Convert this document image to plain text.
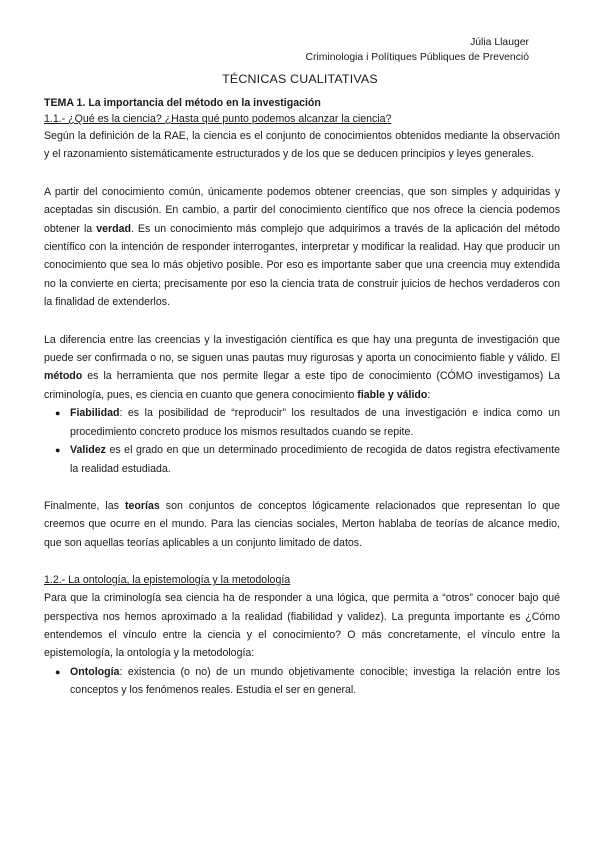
Júlia Llauger
Criminologia i Polítiques Públiques de Prevenció
TÉCNICAS CUALITATIVAS

TEMA 1. La importancia del método en la investigación

1.1.- ¿Qué es la ciencia? ¿Hasta qué punto podemos alcanzar la ciencia?

Según la definición de la RAE, la ciencia es el conjunto de conocimientos obtenidos mediante la observación y el razonamiento sistemáticamente estructurados y de los que se deducen principios y leyes generales.

A partir del conocimiento común, únicamente podemos obtener creencias, que son simples y adquiridas y aceptadas sin discusión. En cambio, a partir del conocimiento científico que nos ofrece la ciencia podemos obtener la verdad. Es un conocimiento más complejo que adquirimos a través de la aplicación del método científico con la intención de responder interrogantes, interpretar y modificar la realidad. Hay que producir un conocimiento que sea lo más objetivo posible. Por eso es importante saber que una creencia muy extendida no la convierte en cierta; precisamente por eso la ciencia trata de construir juicios de hechos verdaderos con la finalidad de extenderlos.

La diferencia entre las creencias y la investigación científica es que hay una pregunta de investigación que puede ser confirmada o no, se siguen unas pautas muy rigurosas y aporta un conocimiento fiable y válido. El método es la herramienta que nos permite llegar a este tipo de conocimiento (CÓMO investigamos) La criminología, pues, es ciencia en cuanto que genera conocimiento fiable y válido:

● Fiabilidad: es la posibilidad de “reproducir” los resultados de una investigación e indica como un procedimiento concreto produce los mismos resultados cuando se repite.
● Validez es el grado en que un determinado procedimiento de recogida de datos registra efectivamente la realidad estudiada.

Finalmente, las teorías son conjuntos de conceptos lógicamente relacionados que representan lo que creemos que ocurre en el mundo. Para las ciencias sociales, Merton hablaba de teorías de alcance medio, que son aquellas teorías aplicables a un conjunto limitado de datos.

1.2.- La ontología, la epistemología y la metodología

Para que la criminología sea ciencia ha de responder a una lógica, que permita a “otros” conocer bajo qué perspectiva nos hemos aproximado a la realidad (fiabilidad y validez). La pregunta importante es ¿Cómo entendemos el vínculo entre la ciencia y el conocimiento? O más concretamente, el vínculo entre la epistemología, la ontología y la metodología:

● Ontología: existencia (o no) de un mundo objetivamente conocible; investiga la relación entre los conceptos y los fenómenos reales. Estudia el ser en general.
